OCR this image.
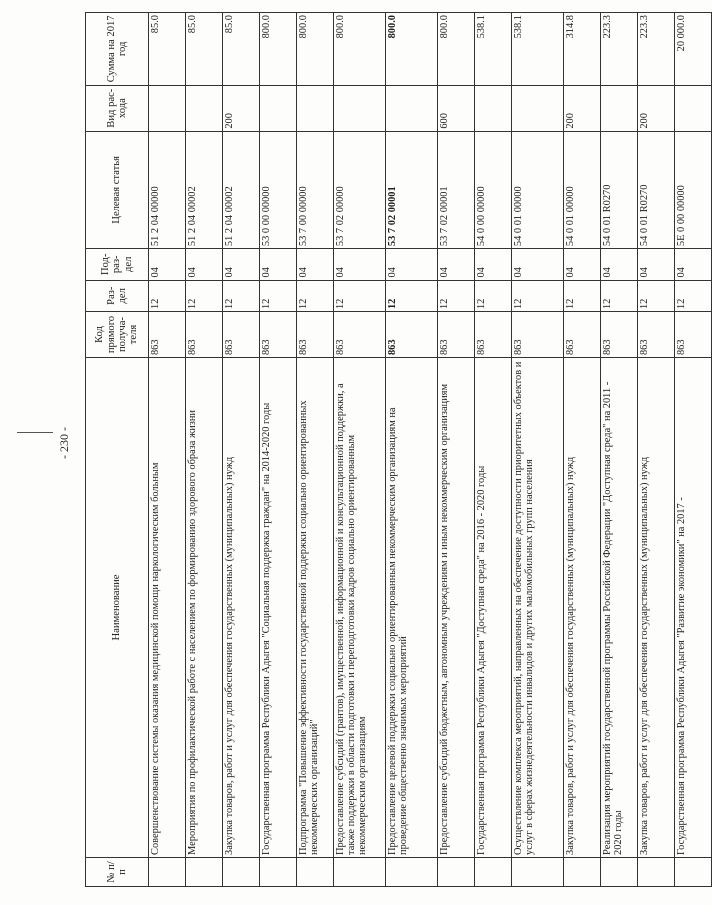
- 230 -
№ п/п	Наименование	Код прямого получа- теля	Раз- дел	Под- раз- дел	Целевая статья	Вид рас- хода	Сумма на 2017 год
	Совершенствование системы оказания медицинской помощи наркологическим больным	863	12	04	51 2 04 00000		85.0
	Мероприятия по профилактической работе с населением по формированию здорового образа жизни	863	12	04	51 2 04 00002		85.0
	Закупка товаров, работ и услуг для обеспечения государственных (муниципальных) нужд	863	12	04	51 2 04 00002	200	85.0
	Государственная программа Республики Адыгея "Социальная поддержка граждан" на 2014-2020 годы	863	12	04	53 0 00 00000		800.0
	Подпрограмма "Повышение эффективности государственной поддержки социально ориентированных некоммерческих организаций"	863	12	04	53 7 00 00000		800.0
	Предоставление субсидий (грантов), имущественной, информационной и консультационной поддержки, а также поддержки в области подготовки и переподготовки кадров социально ориентированным некоммерческим организациям	863	12	04	53 7 02 00000		800.0
	Предоставление целевой поддержки социально ориентированным некоммерческим организациям на проведение общественно значимых мероприятий	863	12	04	53 7 02 00001		800.0
	Предоставление субсидий бюджетным, автономным учреждениям и иным некоммерческим организациям	863	12	04	53 7 02 00001	600	800.0
	Государственная программа Республики Адыгея "Доступная среда" на 2016 - 2020 годы	863	12	04	54 0 00 00000		538.1
	Осуществление комплекса мероприятий, направленных на обеспечение доступности приоритетных объектов и услуг в сферах жизнедеятельности инвалидов и других маломобильных групп населения	863	12	04	54 0 01 00000		538.1
	Закупка товаров, работ и услуг для обеспечения государственных (муниципальных) нужд	863	12	04	54 0 01 00000	200	314.8
	Реализация мероприятий государственной программы Российской Федерации "Доступная среда" на 2011 - 2020 годы	863	12	04	54 0 01 R0270		223.3
	Закупка товаров, работ и услуг для обеспечения государственных (муниципальных) нужд	863	12	04	54 0 01 R0270	200	223.3
	Государственная программа Республики Адыгея "Развитие экономики" на 2017 -	863	12	04	5E 0 00 00000		20 000.0
